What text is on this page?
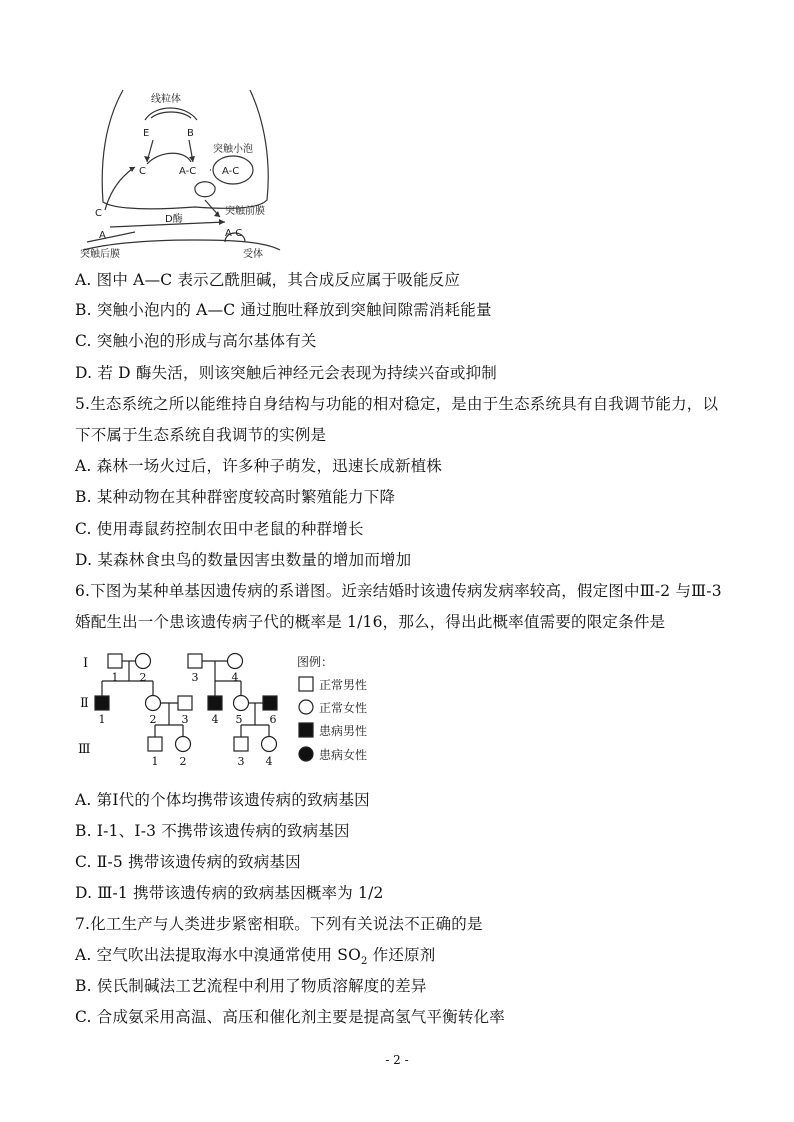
线粒体
E	B
C	A-C
突触小泡
A-C
突触前膜
C
D酶
A	A-C
突触后膜	受体
A. 图中 A—C 表示乙酰胆碱，其合成反应属于吸能反应
B. 突触小泡内的 A—C 通过胞吐释放到突触间隙需消耗能量
C. 突触小泡的形成与高尔基体有关
D. 若 D 酶失活，则该突触后神经元会表现为持续兴奋或抑制
5.生态系统之所以能维持自身结构与功能的相对稳定，是由于生态系统具有自我调节能力，以
下不属于生态系统自我调节的实例是
A. 森林一场火过后，许多种子萌发，迅速长成新植株
B. 某种动物在其种群密度较高时繁殖能力下降
C. 使用毒鼠药控制农田中老鼠的种群增长
D. 某森林食虫鸟的数量因害虫数量的增加而增加
6.下图为某种单基因遗传病的系谱图。近亲结婚时该遗传病发病率较高，假定图中Ⅲ-2 与Ⅲ-3
婚配生出一个患该遗传病子代的概率是 1/16，那么，得出此概率值需要的限定条件是
Ⅰ
Ⅱ
Ⅲ
1 2	3	4
1	2 3 4 5 6
1 2	3 4
图例：
正常男性
正常女性
患病男性
患病女性
A. 第Ⅰ代的个体均携带该遗传病的致病基因
B. Ⅰ-1、Ⅰ-3 不携带该遗传病的致病基因
C. Ⅱ-5 携带该遗传病的致病基因
D. Ⅲ-1 携带该遗传病的致病基因概率为 1/2
7.化工生产与人类进步紧密相联。下列有关说法不正确的是
A. 空气吹出法提取海水中溴通常使用 $SO_2$ 作还原剂
B. 侯氏制碱法工艺流程中利用了物质溶解度的差异
C. 合成氨采用高温、高压和催化剂主要是提高氢气平衡转化率
- 2 -
